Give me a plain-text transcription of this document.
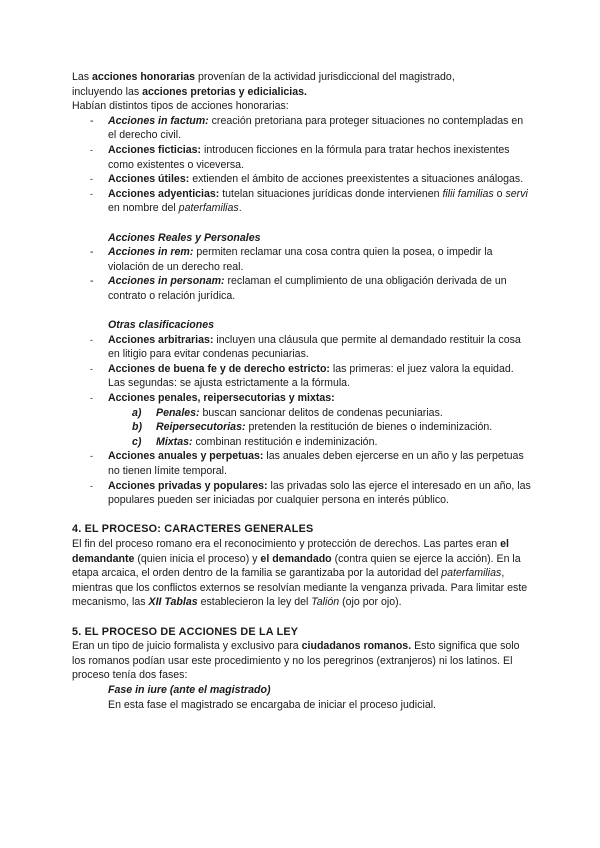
Las acciones honorarias provenían de la actividad jurisdiccional del magistrado,

incluyendo las acciones pretorias y edicialicias.

Habían distintos tipos de acciones honorarias:

- Acciones in factum: creación pretoriana para proteger situaciones no contempladas en el derecho civil.
- Acciones ficticias: introducen ficciones en la fórmula para tratar hechos inexistentes como existentes o viceversa.
- Acciones útiles: extienden el ámbito de acciones preexistentes a situaciones análogas.
- Acciones adyenticias: tutelan situaciones jurídicas donde intervienen filii familias o servi en nombre del paterfamilias.

Acciones Reales y Personales

- Acciones in rem: permiten reclamar una cosa contra quien la posea, o impedir la violación de un derecho real.
- Acciones in personam: reclaman el cumplimiento de una obligación derivada de un contrato o relación jurídica.

Otras clasificaciones

- Acciones arbitrarias: incluyen una cláusula que permite al demandado restituir la cosa en litigio para evitar condenas pecuniarias.
- Acciones de buena fe y de derecho estricto: las primeras: el juez valora la equidad. Las segundas: se ajusta estrictamente a la fórmula.
- Acciones penales, reipersecutorias y mixtas:
a) Penales: buscan sancionar delitos de condenas pecuniarias.
b) Reipersecutorias: pretenden la restitución de bienes o indeminización.
c) Mixtas: combinan restitución e indeminización.
- Acciones anuales y perpetuas: las anuales deben ejercerse en un año y las perpetuas no tienen límite temporal.
- Acciones privadas y populares: las privadas solo las ejerce el interesado en un año, las populares pueden ser iniciadas por cualquier persona en interés público.
4. EL PROCESO: CARACTERES GENERALES

El fin del proceso romano era el reconocimiento y protección de derechos. Las partes eran el demandante (quien inicia el proceso) y el demandado (contra quien se ejerce la acción). En la etapa arcaica, el orden dentro de la familia se garantizaba por la autoridad del paterfamilias, mientras que los conflictos externos se resolvían mediante la venganza privada. Para limitar este mecanismo, las XII Tablas establecieron la ley del Talión (ojo por ojo).

5. EL PROCESO DE ACCIONES DE LA LEY

Eran un tipo de juicio formalista y exclusivo para ciudadanos romanos. Esto significa que solo los romanos podían usar este procedimiento y no los peregrinos (extranjeros) ni los latinos. El proceso tenía dos fases:

Fase in iure (ante el magistrado)

En esta fase el magistrado se encargaba de iniciar el proceso judicial.
